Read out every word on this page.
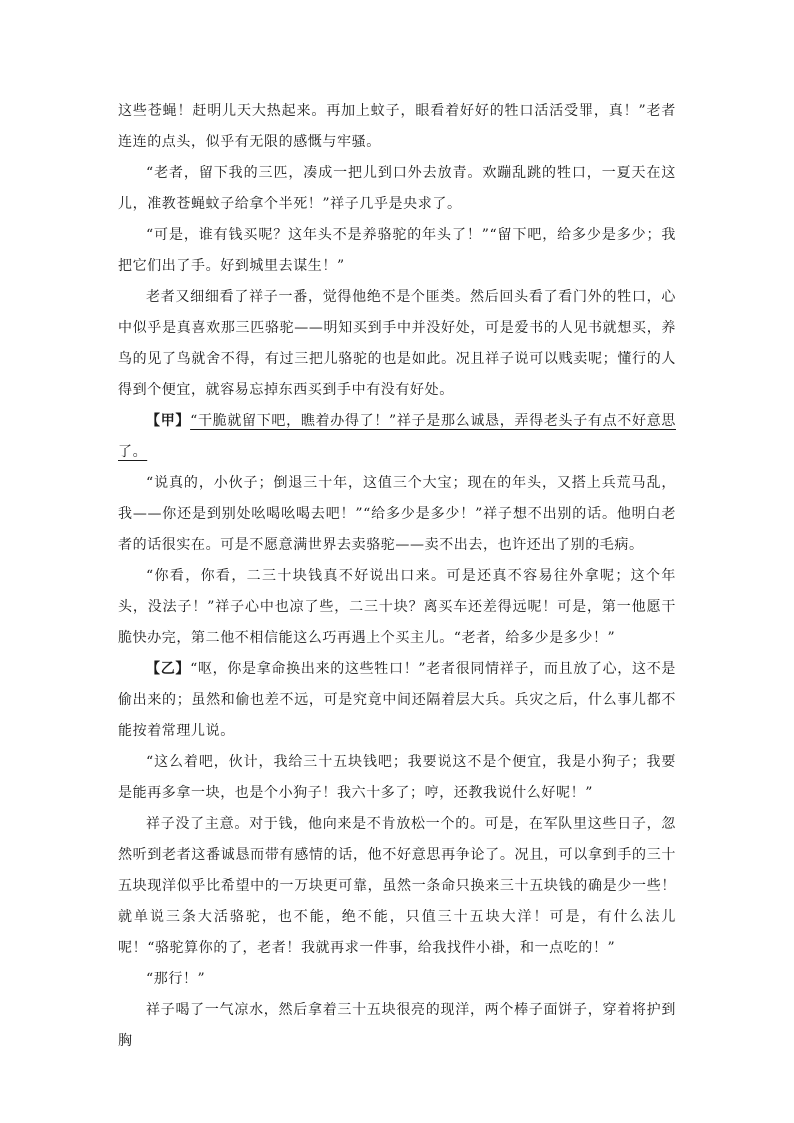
这些苍蝇！赶明儿天大热起来。再加上蚊子，眼看着好好的牲口活活受罪，真！”老者连连的点头，似乎有无限的感慨与牢骚。

“老者，留下我的三匹，凑成一把儿到口外去放青。欢蹦乱跳的牲口，一夏天在这儿，准教苍蝇蚊子给拿个半死！”祥子几乎是央求了。

“可是，谁有钱买呢？这年头不是养骆驼的年头了！”“留下吧，给多少是多少；我把它们出了手。好到城里去谋生！”

老者又细细看了祥子一番，觉得他绝不是个匪类。然后回头看了看门外的牲口，心中似乎是真喜欢那三匹骆驼——明知买到手中并没好处，可是爱书的人见书就想买，养鸟的见了鸟就舍不得，有过三把儿骆驼的也是如此。况且祥子说可以贱卖呢；懂行的人得到个便宜，就容易忘掉东西买到手中有没有好处。

【甲】“干脆就留下吧，瞧着办得了！”祥子是那么诚恳，弄得老头子有点不好意思了。

“说真的，小伙子；倒退三十年，这值三个大宝；现在的年头，又搭上兵荒马乱，我——你还是到别处吆喝吆喝去吧！”“给多少是多少！”祥子想不出别的话。他明白老者的话很实在。可是不愿意满世界去卖骆驼——卖不出去，也许还出了别的毛病。

“你看，你看，二三十块钱真不好说出口来。可是还真不容易往外拿呢；这个年头，没法子！”祥子心中也凉了些，二三十块？离买车还差得远呢！可是，第一他愿干脆快办完，第二他不相信能这么巧再遇上个买主儿。“老者，给多少是多少！”

【乙】“呕，你是拿命换出来的这些牲口！”老者很同情祥子，而且放了心，这不是偷出来的；虽然和偷也差不远，可是究竟中间还隔着层大兵。兵灾之后，什么事儿都不能按着常理儿说。

“这么着吧，伙计，我给三十五块钱吧；我要说这不是个便宜，我是小狗子；我要是能再多拿一块，也是个小狗子！我六十多了；哼，还教我说什么好呢！”

祥子没了主意。对于钱，他向来是不肯放松一个的。可是，在军队里这些日子，忽然听到老者这番诚恳而带有感情的话，他不好意思再争论了。况且，可以拿到手的三十五块现洋似乎比希望中的一万块更可靠，虽然一条命只换来三十五块钱的确是少一些！就单说三条大活骆驼，也不能，绝不能，只值三十五块大洋！可是，有什么法儿呢！“骆驼算你的了，老者！我就再求一件事，给我找件小褂，和一点吃的！”

“那行！”

祥子喝了一气凉水，然后拿着三十五块很亮的现洋，两个棒子面饼子，穿着将护到胸
